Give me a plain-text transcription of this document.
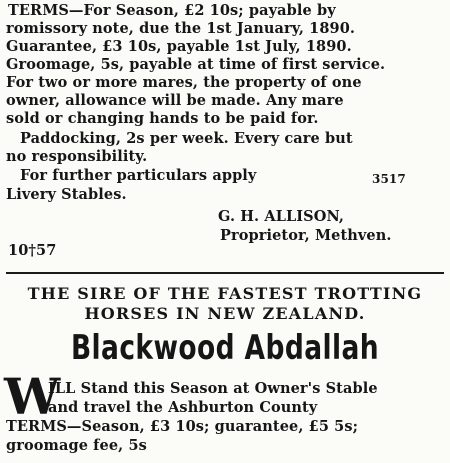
TERMS—For Season, £2 10s; payable by
romissory note, due the 1st January, 1890.
Guarantee, £3 10s, payable 1st July, 1890.
Groomage, 5s, payable at time of first service.
For two or more mares, the property of one
owner, allowance will be made. Any mare
sold or changing hands to be paid for.
Paddocking, 2s per week. Every care but
no responsibility.
For further particulars apply	3517
Livery Stables.
G. H. ALLISON,
Proprietor, Methven.
10†57
THE SIRE OF THE FASTEST TROTTING
HORSES IN NEW ZEALAND.
Blackwood Abdallah
W
ILL Stand this Season at Owner's Stable
and travel the Ashburton County
TERMS—Season, £3 10s; guarantee, £5 5s;
groomage fee, 5s
